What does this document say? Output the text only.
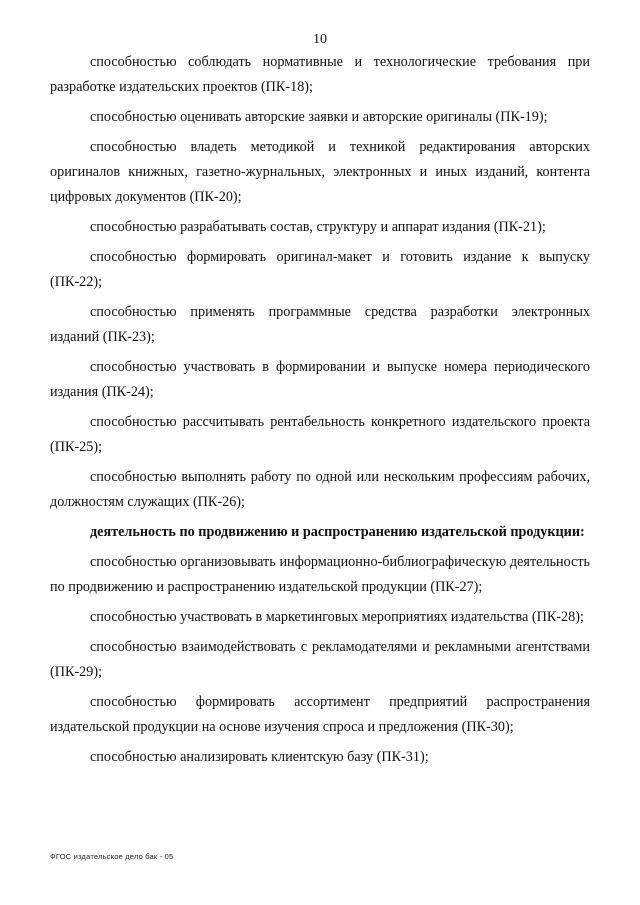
10

способностью соблюдать нормативные и технологические требования при разработке издательских проектов (ПК-18);

способностью оценивать авторские заявки и авторские оригиналы (ПК-19);

способностью владеть методикой и техникой редактирования авторских оригиналов книжных, газетно-журнальных, электронных и иных изданий, контента цифровых документов (ПК-20);

способностью разрабатывать состав, структуру и аппарат издания (ПК-21);

способностью формировать оригинал-макет и готовить издание к выпуску (ПК-22);

способностью применять программные средства разработки электронных изданий (ПК-23);

способностью участвовать в формировании и выпуске номера периодического издания (ПК-24);

способностью рассчитывать рентабельность конкретного издательского проекта (ПК-25);

способностью выполнять работу по одной или нескольким профессиям рабочих, должностям служащих (ПК-26);

деятельность по продвижению и распространению издательской продукции:

способностью организовывать информационно-библиографическую деятельность по продвижению и распространению издательской продукции (ПК-27);

способностью участвовать в маркетинговых мероприятиях издательства (ПК-28);

способностью взаимодействовать с рекламодателями и рекламными агентствами (ПК-29);

способностью формировать ассортимент предприятий распространения издательской продукции на основе изучения спроса и предложения (ПК-30);

способностью анализировать клиентскую базу (ПК-31);

ФГОС издательское дело бак - 05
